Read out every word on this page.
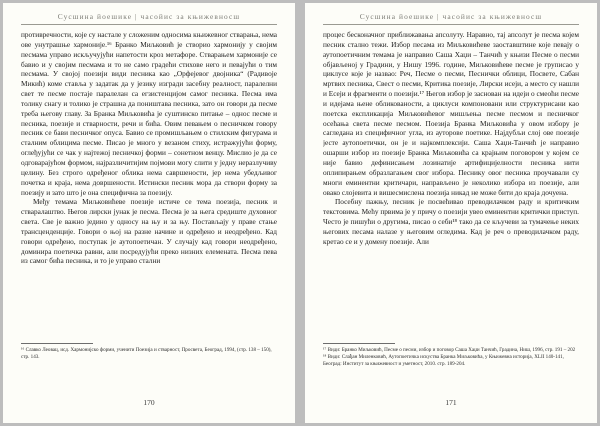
Сусшина йоешике | часойис за књижевносш

противречности, које су настале у сложеним односима књижевног стварања, нема ове унутрашње хармоније.¹⁶ Бранко Миљковић је створио хармонију у својим песмама управо искључујући напетости кроз метафоре. Стварањем хармоније се бавио и у својим песмама и то не само градећи стихове него и певајући о тим песмама. У својој поезији види песника као „Орфејевог двојника“ (Радивоје Микић) коме ставља у задатак да у језику изгради засебну реалност, паралелни свет те песме постаје паралелан са егзистенцијом самог песника. Песма има толику снагу и толико је страшна да поништава песника, зато он говори да песме треба његову главу. За Бранка Миљковића је суштинско питање – однос песме и песника, поезије и стварности, речи и бића. Овим певањем о песничком говору песник се бави песничког опуса. Бавио се промишљањем о стилским фигурама и сталним облицима песме. Писао је много у везаном стиху, истражујући форму, оглеђујући се чак у најтежој песничкој форми – сонетном венцу. Мислио је да се одговарајућом формом, најразличитијим појмови могу слити у једну неразлучиву целину. Без строго одређеног облика нема савршености, јер нема убедљивог почетка и краја, нема довршености. Истински песник мора да створи форму за поезију и зато што је она специфична за поезију.

Међу темама Миљковићеве поезије истиче се тема поезија, песник и стваралаштво. Његов лирски јунак је песма. Песма је за њега средиште духовног света. Све је важно једино у односу на њу и за њу. Постављају у праве стање трансценденције. Говори о њој на разне начине и одређено и неодређено. Кад говори одређено, поступак је аутопоетичан. У случају кад говори неодређено, доминира поетичка равни, али посредујући преко низних елемената. Песма пева из самог бића песника, и то је управо стални

¹⁶ Славко Леовац, исд. Хармонијско форми, ученити Поезија и стварност, Просвета, Београд, 1994, (стр. 138 – 150), стр. 143.

170
Сусшина йоешике | часойис за књижевносш

процес бесконачног приближавања апсолуту. Наравно, тај апсолут је песма којем песник стално тежи. Избор песама из Миљковићеве заоставштине које певају о аутопоетичним темама је направио Саша Хаџи – Танчић у књизи Песме о песми објављеној у Градини, у Нишу 1996. године, Миљковићеве песме је груписао у циклусе које је назвао: Реч, Песме о песми, Песнички облици, Посвете, Сабан мртвих песника, Свест о песми, Критика поезије, Лирски исеји, а место су нашли и Есеји и фрагменти о поезији.¹⁷ Његов избор је заснован на идеји о смеоћи песме и идејама њене обликованости, а циклуси компоновани или структурисани као поетска експликација Миљковићевог мишљења песме песмом и песничког осећања света песме песмом. Поезија Бранка Миљковића у овом избору је сагледана из специфичног угла, из ауторове поетике. Најдубљи слој ове поезије јесте аутопоетички, он је и најкомплексији. Саша Хаџи-Танчић је направио ошарши избор из поезије Бранка Миљковића са крајњим поговором у којем се није бавио дефинисањем лозинатије артифицијелности песника нити оплипирањем образлагањем свог избора. Песнику овог песника проучавали су многи еминентни критичари, направљено је неколико избора из поезије, али овако слојевита и вишесмислена поезија никад не може бити до краја дочуена.

Посебну пажњу, песник је посвећивао преводилачком раду и критичким текстовима. Мећу првима је у причу о поезији увео еминентни критички приступ. Често је пишући о другима, писао о себи¹⁸ тако да се кључеви за тумачење неких његових песама налазе у његовим огледима. Кад је реч о преводилачком раду, кретао се и у домену поезије. Али

¹⁷ Види: Бранко Миљковић, Песме о песми, избор и поговор Саша Хаџи Танчић, Градина, Ниш, 1996, стр. 191 – 202

¹⁸ Види: Слађан Миленковић, Аутопоетичка искуства Бранка Миљковића, у Књижевна историја, XLII 140-141, Београд: Институт за књижевност и уметност, 2010. стр. 189-204.

171
